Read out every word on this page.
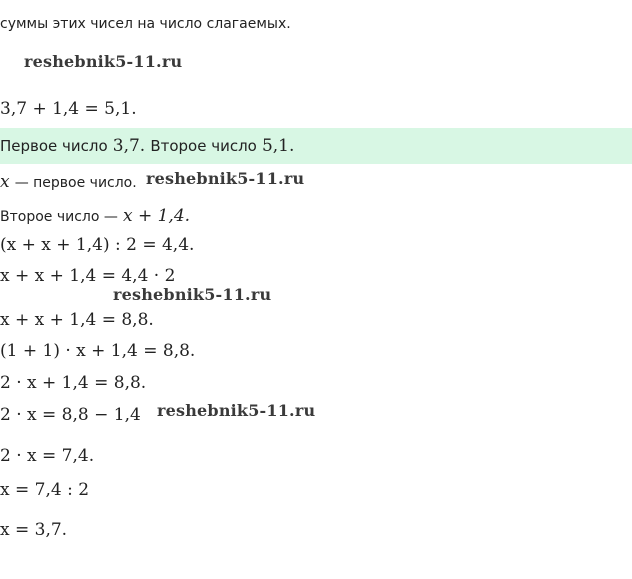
суммы этих чисел на число слагаемых.
reshebnik5-11.ru
3,7 + 1,4 = 5,1.
Первое число 3,7. Второе число 5,1.
x — первое число. reshebnik5-11.ru
Второе число — x + 1,4.
(x + x + 1,4) : 2 = 4,4.
x + x + 1,4 = 4,4 · 2
reshebnik5-11.ru
x + x + 1,4 = 8,8.
(1 + 1) · x + 1,4 = 8,8.
2 · x + 1,4 = 8,8.
2 · x = 8,8 − 1,4 reshebnik5-11.ru
2 · x = 7,4.
x = 7,4 : 2
x = 3,7.
